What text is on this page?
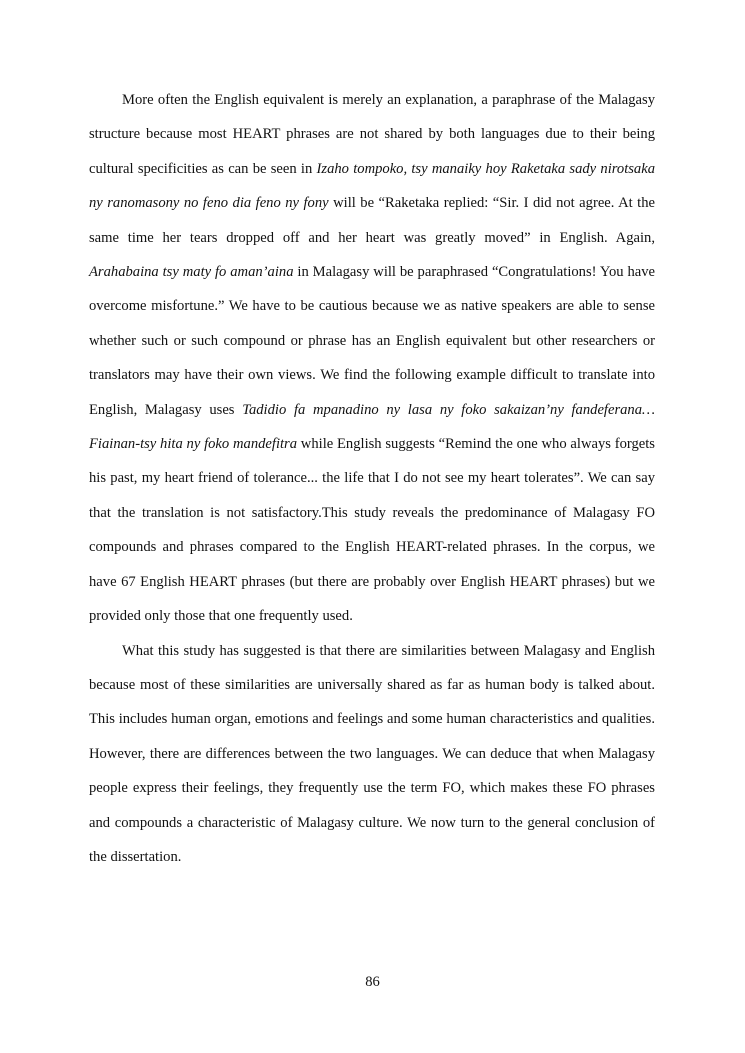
More often the English equivalent is merely an explanation, a paraphrase of the Malagasy structure because most HEART phrases are not shared by both languages due to their being cultural specificities as can be seen in Izaho tompoko, tsy manaiky hoy Raketaka sady nirotsaka ny ranomasony no feno dia feno ny fony will be “Raketaka replied: “Sir. I did not agree. At the same time her tears dropped off and her heart was greatly moved” in English. Again, Arahabaina tsy maty fo aman’aina in Malagasy will be paraphrased “Congratulations! You have overcome misfortune.” We have to be cautious because we as native speakers are able to sense whether such or such compound or phrase has an English equivalent but other researchers or translators may have their own views. We find the following example difficult to translate into English, Malagasy uses Tadidio fa mpanadino ny lasa ny foko sakaizan’ny fandeferana…Fiainan-tsy hita ny foko mandefitra while English suggests “Remind the one who always forgets his past, my heart friend of tolerance... the life that I do not see my heart tolerates”. We can say that the translation is not satisfactory.This study reveals the predominance of Malagasy FO compounds and phrases compared to the English HEART-related phrases. In the corpus, we have 67 English HEART phrases (but there are probably over English HEART phrases) but we provided only those that one frequently used.

What this study has suggested is that there are similarities between Malagasy and English because most of these similarities are universally shared as far as human body is talked about. This includes human organ, emotions and feelings and some human characteristics and qualities. However, there are differences between the two languages. We can deduce that when Malagasy people express their feelings, they frequently use the term FO, which makes these FO phrases and compounds a characteristic of Malagasy culture. We now turn to the general conclusion of the dissertation.

86
